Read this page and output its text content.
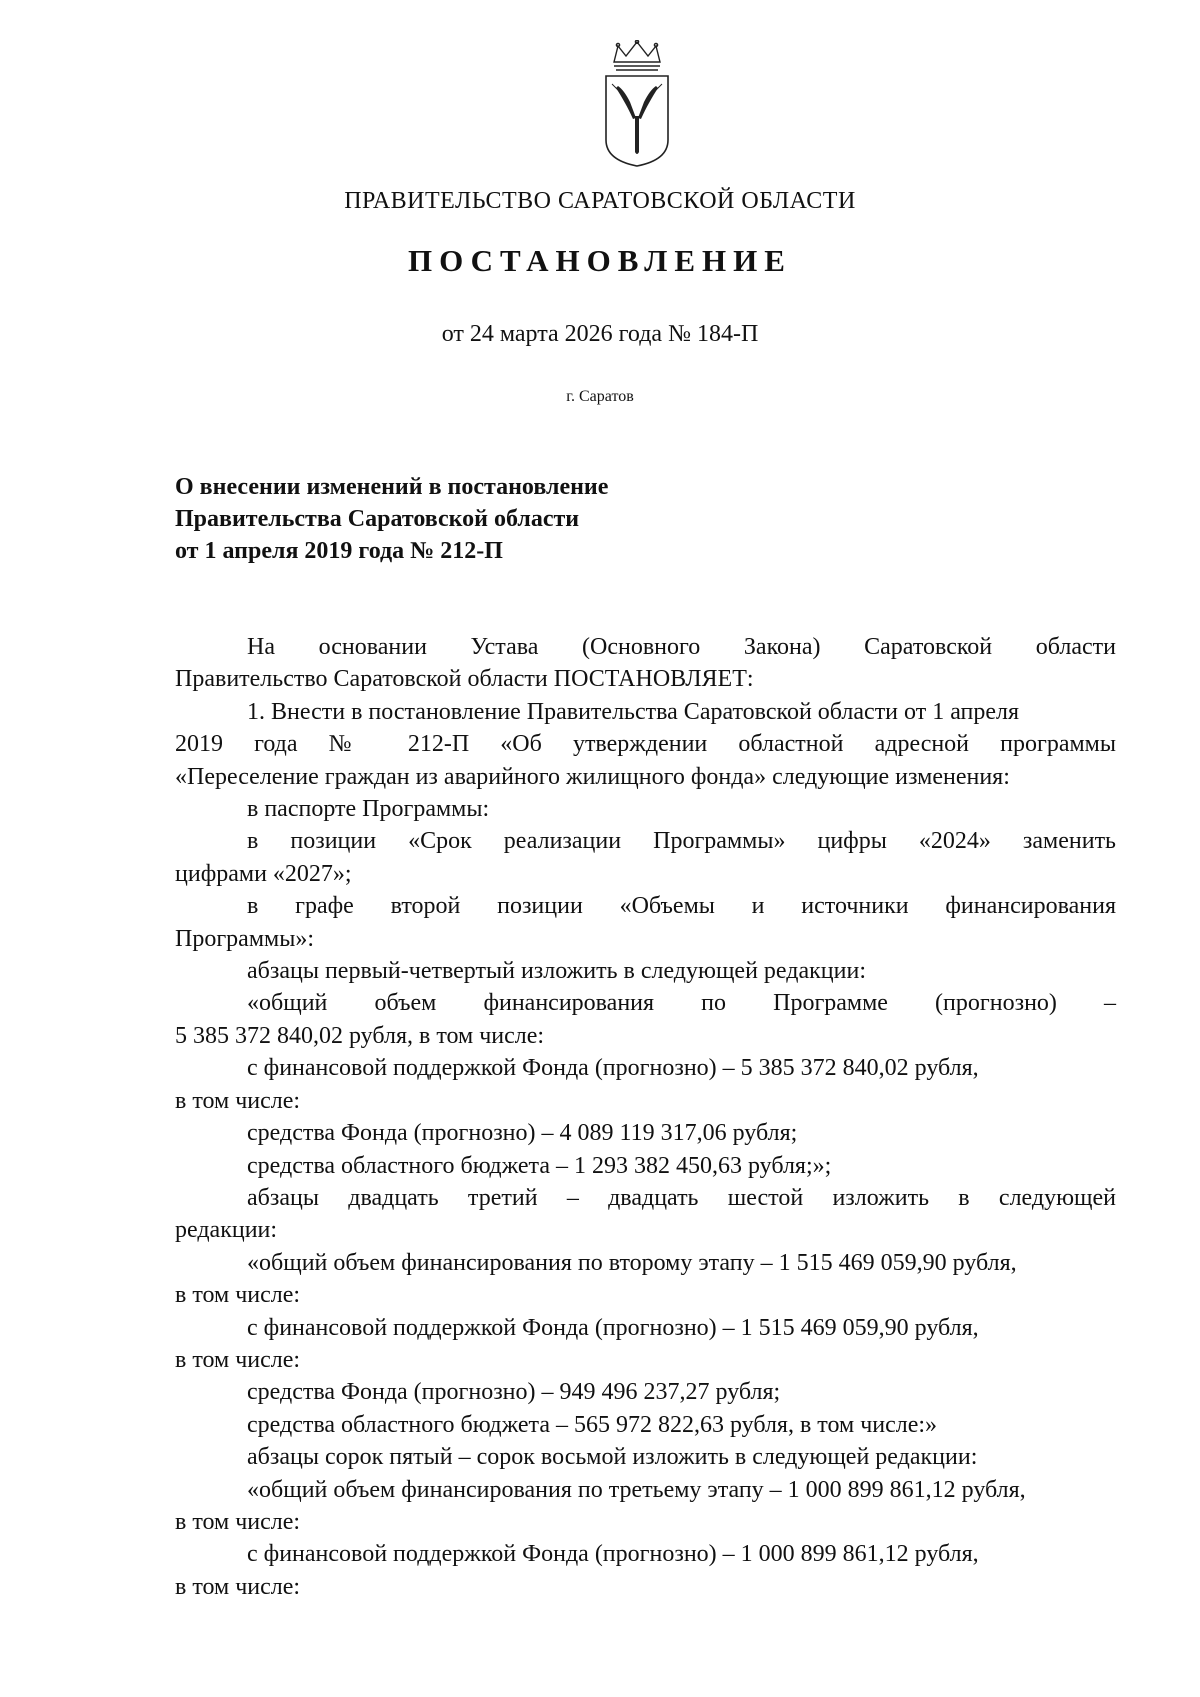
ПРАВИТЕЛЬСТВО САРАТОВСКОЙ ОБЛАСТИ
ПОСТАНОВЛЕНИЕ
от 24 марта 2026 года № 184-П
г. Саратов
О внесении изменений в постановление
Правительства Саратовской области
от 1 апреля 2019 года № 212-П
На основании Устава (Основного Закона) Саратовской области
Правительство Саратовской области ПОСТАНОВЛЯЕТ:
1. Внести в постановление Правительства Саратовской области от 1 апреля
2019 года № 212-П «Об утверждении областной адресной программы
«Переселение граждан из аварийного жилищного фонда» следующие изменения:
в паспорте Программы:
в позиции «Срок реализации Программы» цифры «2024» заменить
цифрами «2027»;
в графе второй позиции «Объемы и источники финансирования
Программы»:
абзацы первый-четвертый изложить в следующей редакции:
«общий объем финансирования по Программе (прогнозно) –
5 385 372 840,02 рубля, в том числе:
с финансовой поддержкой Фонда (прогнозно) – 5 385 372 840,02 рубля,
в том числе:
средства Фонда (прогнозно) – 4 089 119 317,06 рубля;
средства областного бюджета – 1 293 382 450,63 рубля;»;
абзацы двадцать третий – двадцать шестой изложить в следующей
редакции:
«общий объем финансирования по второму этапу – 1 515 469 059,90 рубля,
в том числе:
с финансовой поддержкой Фонда (прогнозно) – 1 515 469 059,90 рубля,
в том числе:
средства Фонда (прогнозно) – 949 496 237,27 рубля;
средства областного бюджета – 565 972 822,63 рубля, в том числе:»
абзацы сорок пятый – сорок восьмой изложить в следующей редакции:
«общий объем финансирования по третьему этапу – 1 000 899 861,12 рубля,
в том числе:
с финансовой поддержкой Фонда (прогнозно) – 1 000 899 861,12 рубля,
в том числе:
